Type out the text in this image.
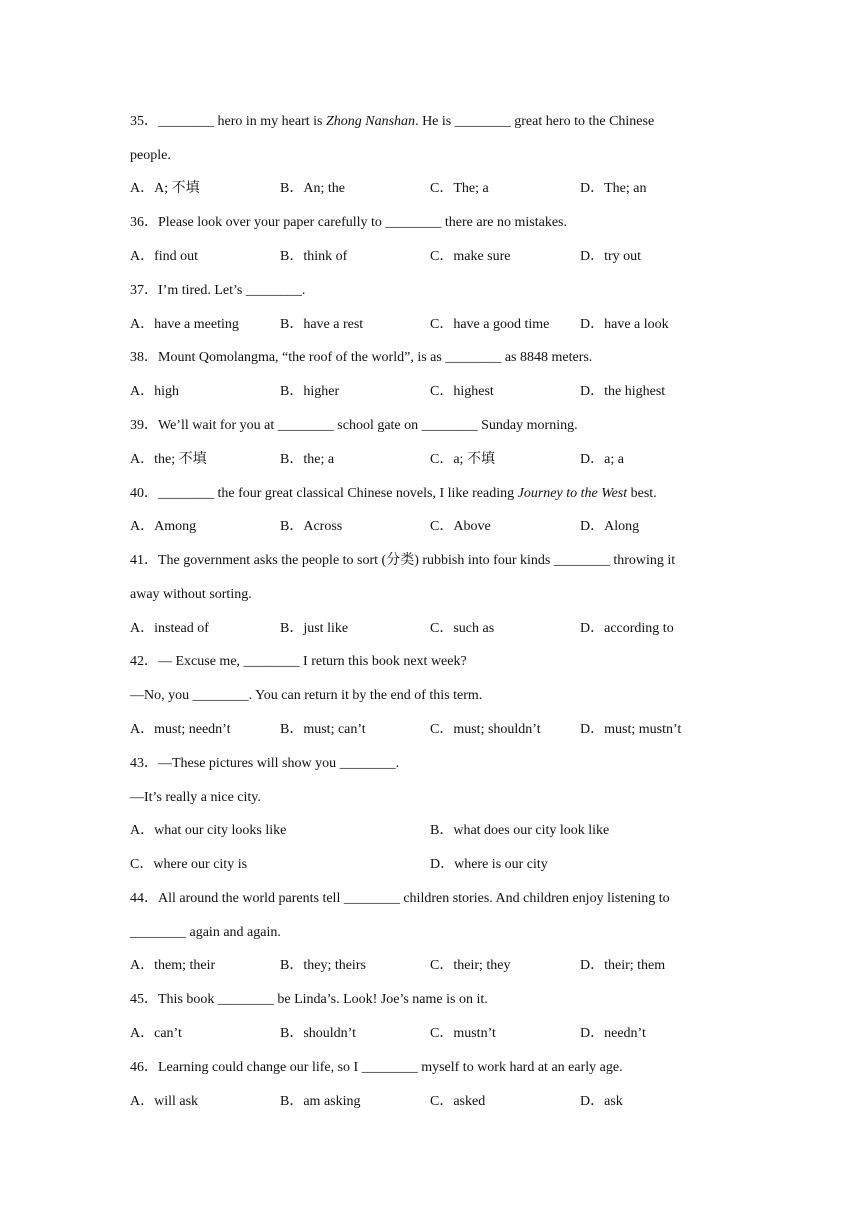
35．________ hero in my heart is Zhong Nanshan. He is ________ great hero to the Chinese
people.
A．A; 不填	B．An; the	C．The; a	D．The; an
36．Please look over your paper carefully to ________ there are no mistakes.
A．find out	B．think of	C．make sure	D．try out
37．I’m tired. Let’s ________.
A．have a meeting	B．have a rest	C．have a good time D．have a look
38．Mount Qomolangma, “the roof of the world”, is as ________ as 8848 meters.
A．high	B．higher	C．highest	D．the highest
39．We’ll wait for you at ________ school gate on ________ Sunday morning.
A．the; 不填	B．the; a	C．a; 不填	D．a; a
40．________ the four great classical Chinese novels, I like reading Journey to the West best.
A．Among	B．Across	C．Above	D．Along
41．The government asks the people to sort (分类) rubbish into four kinds ________ throwing it
away without sorting.
A．instead of	B．just like	C．such as	D．according to
42．— Excuse me, ________ I return this book next week?
—No, you ________. You can return it by the end of this term.
A．must; needn’t	B．must; can’t	C．must; shouldn’t	D．must; mustn’t
43．—These pictures will show you ________.
—It’s really a nice city.
A．what our city looks like	B．what does our city look like
C．where our city is	D．where is our city
44．All around the world parents tell ________ children stories. And children enjoy listening to
________ again and again.
A．them; their	B．they; theirs	C．their; they	D．their; them
45．This book ________ be Linda’s. Look! Joe’s name is on it.
A．can’t	B．shouldn’t	C．mustn’t	D．needn’t
46．Learning could change our life, so I ________ myself to work hard at an early age.
A．will ask	B．am asking	C．asked	D．ask
